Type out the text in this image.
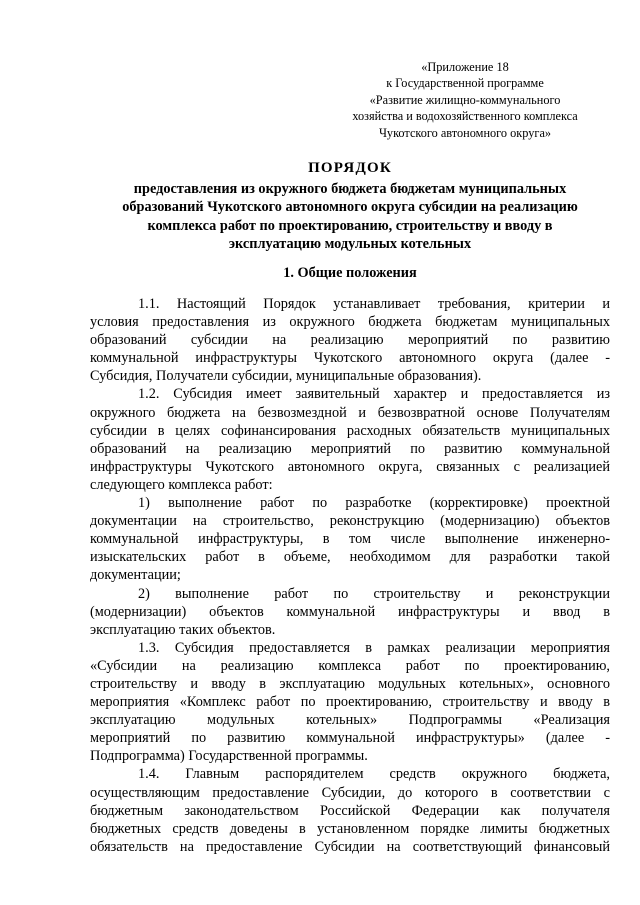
«Приложение 18
к Государственной программе
«Развитие жилищно-коммунального
хозяйства и водохозяйственного комплекса
Чукотского автономного округа»
ПОРЯДОК
предоставления из окружного бюджета бюджетам муниципальных
образований Чукотского автономного округа субсидии на реализацию
комплекса работ по проектированию, строительству и вводу в
эксплуатацию модульных котельных
1. Общие положения
1.1. Настоящий Порядок устанавливает требования, критерии и
условия предоставления из окружного бюджета бюджетам муниципальных
образований субсидии на реализацию мероприятий по развитию
коммунальной инфраструктуры Чукотского автономного округа (далее -
Субсидия, Получатели субсидии, муниципальные образования).
1.2. Субсидия имеет заявительный характер и предоставляется из
окружного бюджета на безвозмездной и безвозвратной основе Получателям
субсидии в целях софинансирования расходных обязательств муниципальных
образований на реализацию мероприятий по развитию коммунальной
инфраструктуры Чукотского автономного округа, связанных с реализацией
следующего комплекса работ:
1) выполнение работ по разработке (корректировке) проектной
документации на строительство, реконструкцию (модернизацию) объектов
коммунальной инфраструктуры, в том числе выполнение инженерно-
изыскательских работ в объеме, необходимом для разработки такой
документации;
2) выполнение работ по строительству и реконструкции
(модернизации) объектов коммунальной инфраструктуры и ввод в
эксплуатацию таких объектов.
1.3. Субсидия предоставляется в рамках реализации мероприятия
«Субсидии на реализацию комплекса работ по проектированию,
строительству и вводу в эксплуатацию модульных котельных», основного
мероприятия «Комплекс работ по проектированию, строительству и вводу в
эксплуатацию модульных котельных» Подпрограммы «Реализация
мероприятий по развитию коммунальной инфраструктуры» (далее -
Подпрограмма) Государственной программы.
1.4. Главным распорядителем средств окружного бюджета,
осуществляющим предоставление Субсидии, до которого в соответствии с
бюджетным законодательством Российской Федерации как получателя
бюджетных средств доведены в установленном порядке лимиты бюджетных
обязательств на предоставление Субсидии на соответствующий финансовый
